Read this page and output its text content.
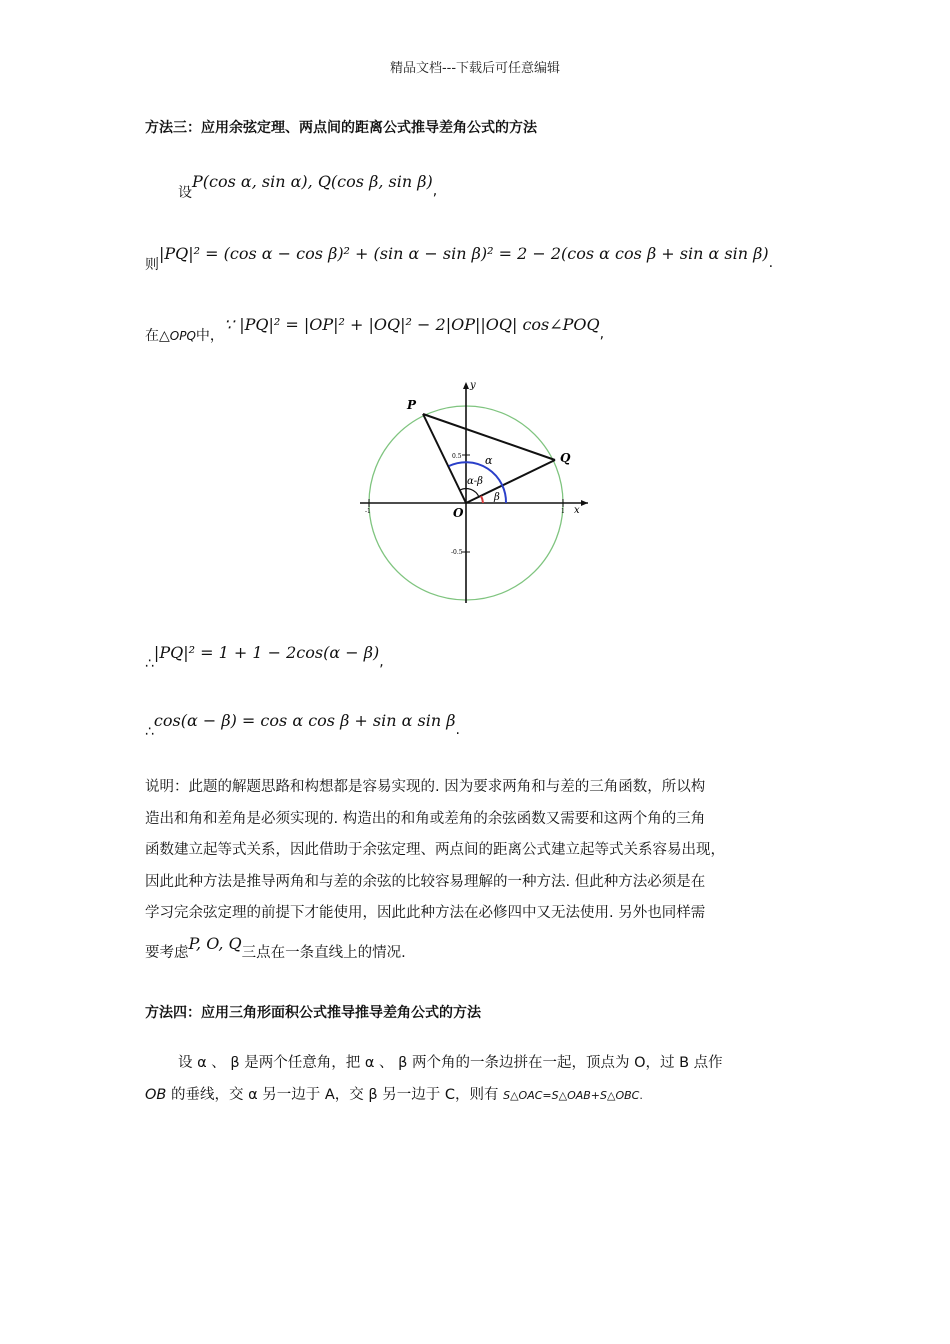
精品文档---下载后可任意编辑
方法三：应用余弦定理、两点间的距离公式推导差角公式的方法
设P(cos α, sin α), Q(cos β, sin β),
则|PQ|² = (cos α − cos β)² + (sin α − sin β)² = 2 − 2(cos α cos β + sin α sin β).
在$\triangle_{OPQ}$中，∵ |PQ|² = |OP|² + |OQ|² − 2|OP||OQ| cos∠POQ,
0.5
-0.5
-1	1
P
Q
O	x
y
α
α-β
β
∴|PQ|² = 1 + 1 − 2cos(α − β),
∴cos(α − β) = cos α cos β + sin α sin β.
说明：此题的解题思路和构想都是容易实现的. 因为要求两角和与差的三角函数，所以构
造出和角和差角是必须实现的. 构造出的和角或差角的余弦函数又需要和这两个角的三角
函数建立起等式关系，因此借助于余弦定理、两点间的距离公式建立起等式关系容易出现，
因此此种方法是推导两角和与差的余弦的比较容易理解的一种方法. 但此种方法必须是在
学习完余弦定理的前提下才能使用，因此此种方法在必修四中又无法使用. 另外也同样需
要考虑P, O, Q三点在一条直线上的情况.
方法四：应用三角形面积公式推导推导差角公式的方法
设 α 、 β 是两个任意角，把 α 、 β 两个角的一条边拼在一起，顶点为 O，过 B 点作
OB 的垂线，交 α 另一边于 A，交 β 另一边于 C，则有 S△OAC=S△OAB+S△OBC.
